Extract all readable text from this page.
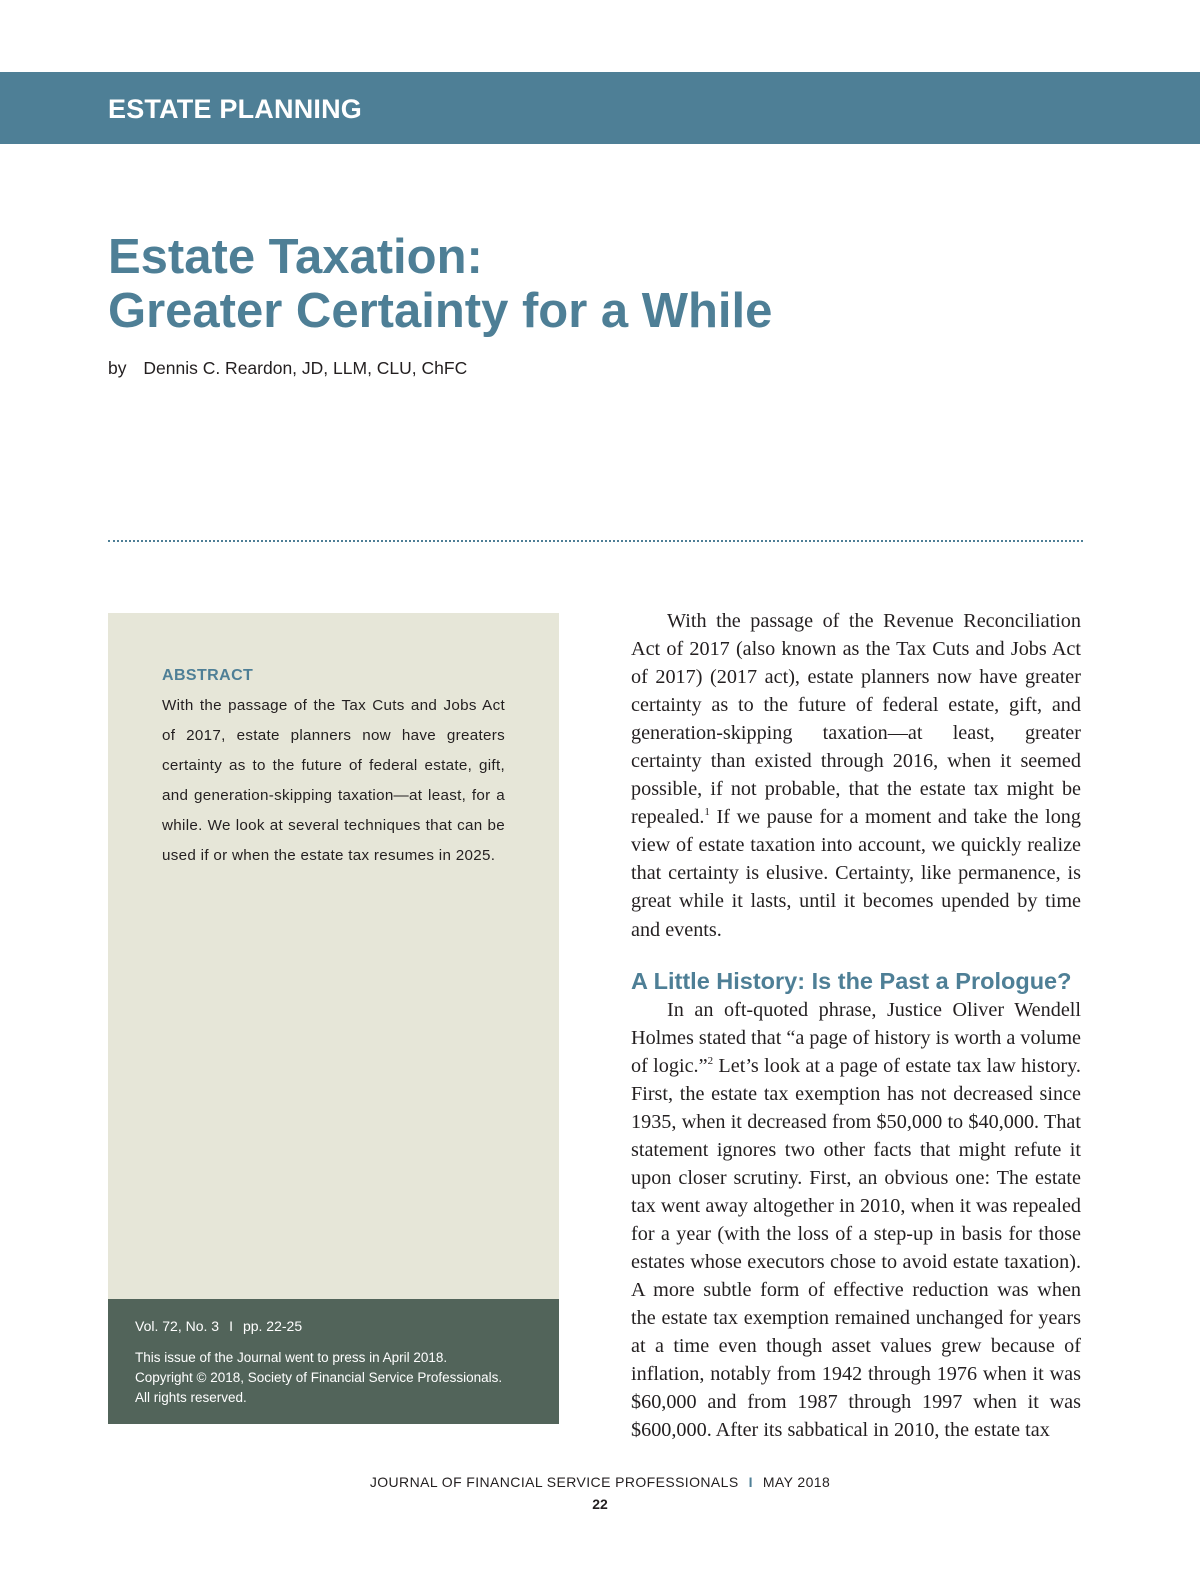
ESTATE PLANNING
Estate Taxation:
Greater Certainty for a While
by Dennis C. Reardon, JD, LLM, CLU, ChFC
ABSTRACT

With the passage of the Tax Cuts and Jobs Act of 2017, estate planners now have greaters certainty as to the future of federal estate, gift, and generation-skipping taxation—at least, for a while. We look at several techniques that can be used if or when the estate tax resumes in 2025.

Vol. 72, No. 3 I pp. 22-25

This issue of the Journal went to press in April 2018.
Copyright © 2018, Society of Financial Service Professionals.
All rights reserved.

With the passage of the Revenue Reconciliation Act of 2017 (also known as the Tax Cuts and Jobs Act of 2017) (2017 act), estate planners now have greater certainty as to the future of federal estate, gift, and generation-skipping taxation—at least, greater certainty than existed through 2016, when it seemed possible, if not probable, that the estate tax might be repealed.$^1$ If we pause for a moment and take the long view of estate taxation into account, we quickly realize that certainty is elusive. Certainty, like permanence, is great while it lasts, until it becomes upended by time and events.

A Little History: Is the Past a Prologue?

In an oft-quoted phrase, Justice Oliver Wendell Holmes stated that “a page of history is worth a volume of logic.”$^2$ Let’s look at a page of estate tax law history. First, the estate tax exemption has not decreased since 1935, when it decreased from $50,000 to $40,000. That statement ignores two other facts that might refute it upon closer scrutiny. First, an obvious one: The estate tax went away altogether in 2010, when it was repealed for a year (with the loss of a step-up in basis for those estates whose executors chose to avoid estate taxation). A more subtle form of effective reduction was when the estate tax exemption remained unchanged for years at a time even though asset values grew because of inflation, notably from 1942 through 1976 when it was $60,000 and from 1987 through 1997 when it was $600,000. After its sabbatical in 2010, the estate tax

JOURNAL OF FINANCIAL SERVICE PROFESSIONALS I MAY 2018
22
